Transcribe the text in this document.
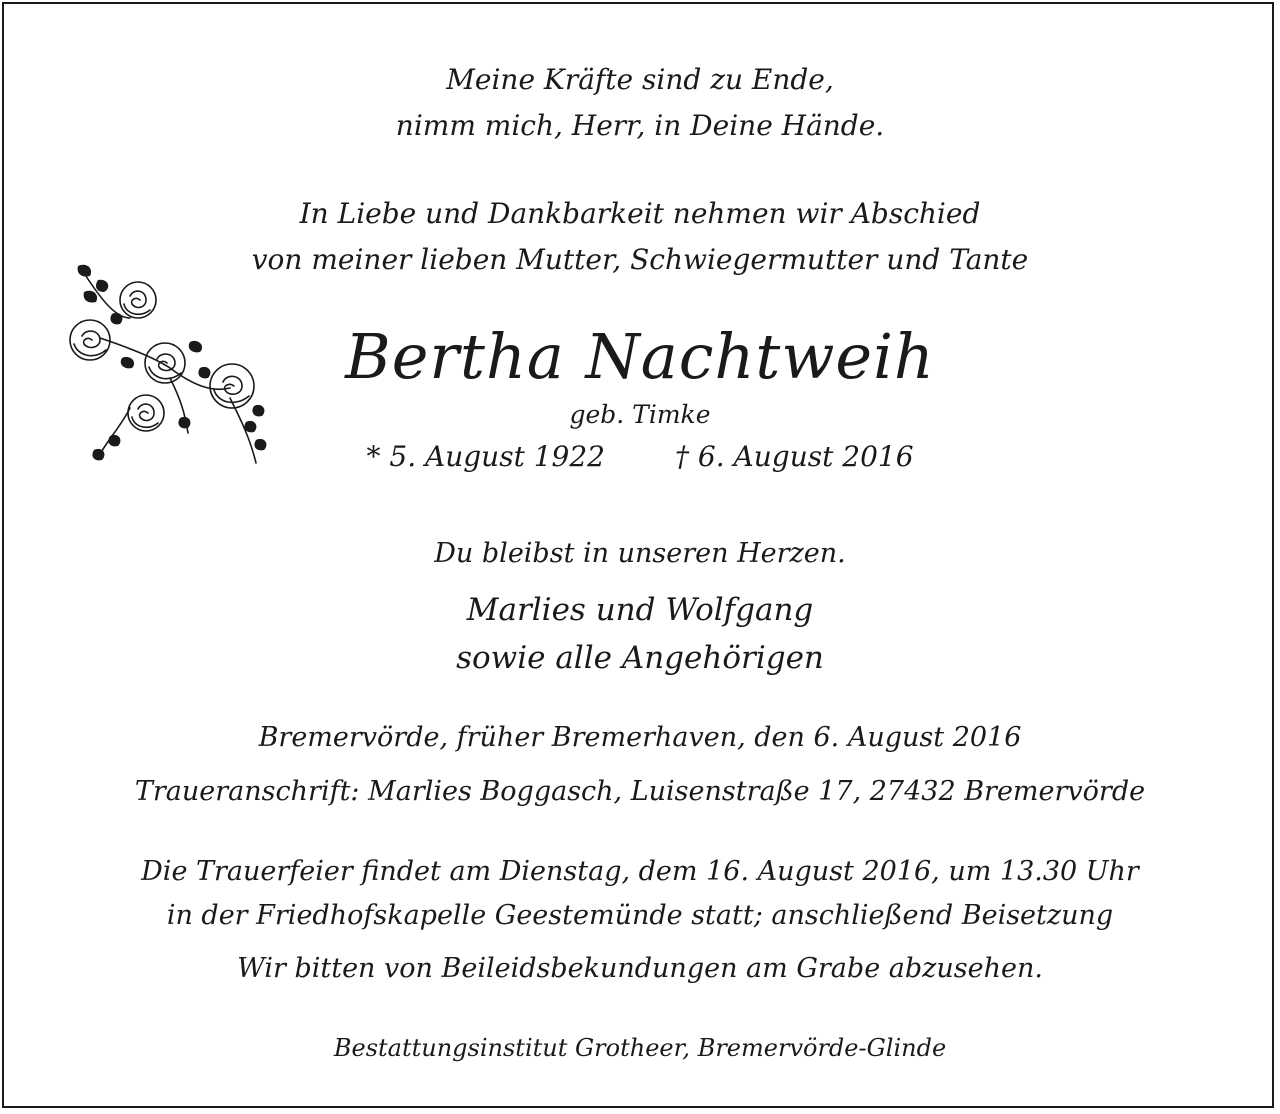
Meine Kräfte sind zu Ende,
nimm mich, Herr, in Deine Hände.
In Liebe und Dankbarkeit nehmen wir Abschied
von meiner lieben Mutter, Schwiegermutter und Tante
Bertha Nachtweih
geb. Timke
* 5. August 1922	† 6. August 2016
Du bleibst in unseren Herzen.
Marlies und Wolfgang
sowie alle Angehörigen
Bremervörde, früher Bremerhaven, den 6. August 2016
Traueranschrift: Marlies Boggasch, Luisenstraße 17, 27432 Bremervörde
Die Trauerfeier findet am Dienstag, dem 16. August 2016, um 13.30 Uhr
in der Friedhofskapelle Geestemünde statt; anschließend Beisetzung
Wir bitten von Beileidsbekundungen am Grabe abzusehen.
Bestattungsinstitut Grotheer, Bremervörde-Glinde
